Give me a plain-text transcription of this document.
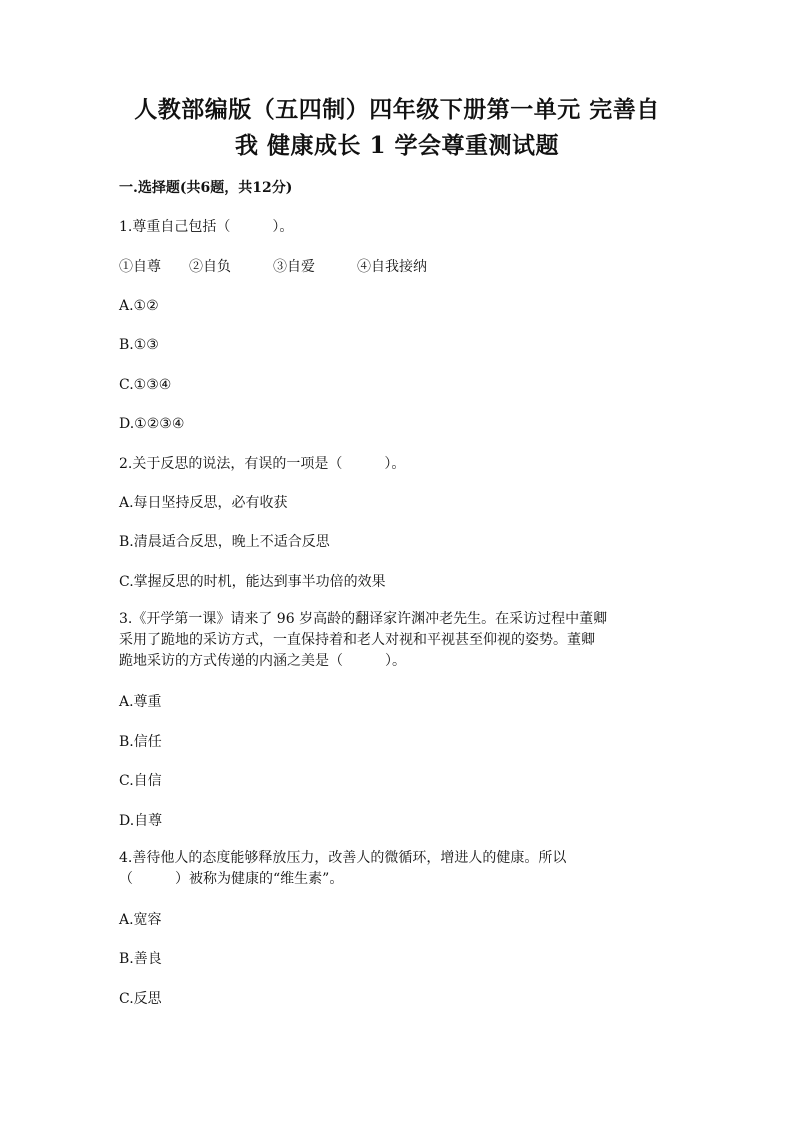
人教部编版（五四制）四年级下册第一单元 完善自
我 健康成长 1 学会尊重测试题
一.选择题(共6题，共12分)
1.尊重自己包括（　　　）。
①自尊　　②自负　　　③自爱　　　④自我接纳
A.①②
B.①③
C.①③④
D.①②③④
2.关于反思的说法，有误的一项是（　　　）。
A.每日坚持反思，必有收获
B.清晨适合反思，晚上不适合反思
C.掌握反思的时机，能达到事半功倍的效果
3.《开学第一课》请来了 96 岁高龄的翻译家许渊冲老先生。在采访过程中董卿
采用了跪地的采访方式，一直保持着和老人对视和平视甚至仰视的姿势。董卿
跪地采访的方式传递的内涵之美是（　　　）。
A.尊重
B.信任
C.自信
D.自尊
4.善待他人的态度能够释放压力，改善人的微循环，增进人的健康。所以
（　　　）被称为健康的“维生素”。
A.宽容
B.善良
C.反思
